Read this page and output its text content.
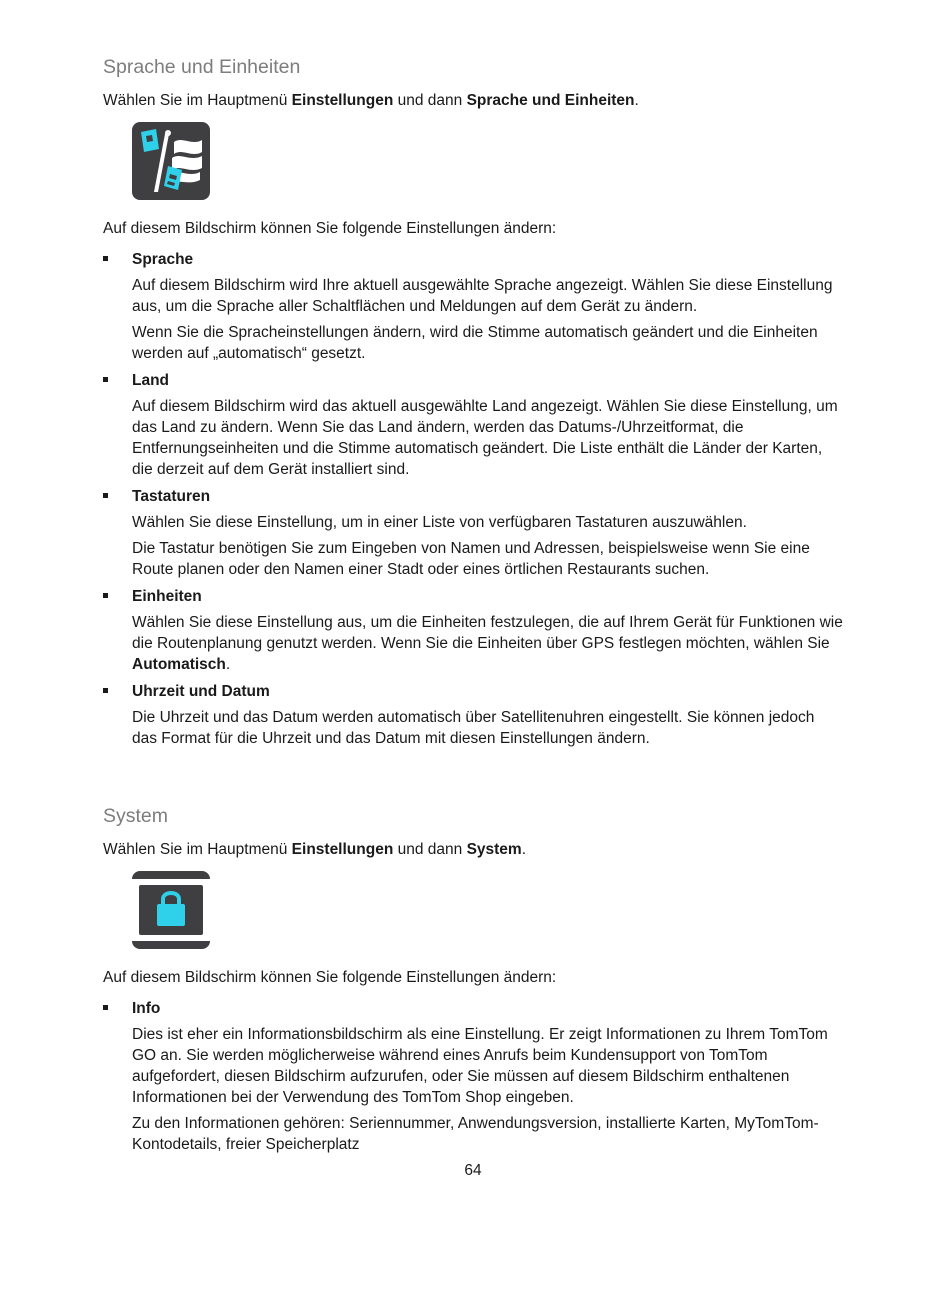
Sprache und Einheiten

Wählen Sie im Hauptmenü Einstellungen und dann Sprache und Einheiten.

Auf diesem Bildschirm können Sie folgende Einstellungen ändern:

Sprache

Auf diesem Bildschirm wird Ihre aktuell ausgewählte Sprache angezeigt. Wählen Sie diese Einstellung aus, um die Sprache aller Schaltflächen und Meldungen auf dem Gerät zu ändern.

Wenn Sie die Spracheinstellungen ändern, wird die Stimme automatisch geändert und die Einheiten werden auf „automatisch“ gesetzt.

Land

Auf diesem Bildschirm wird das aktuell ausgewählte Land angezeigt. Wählen Sie diese Einstellung, um das Land zu ändern. Wenn Sie das Land ändern, werden das Datums-/Uhrzeitformat, die Entfernungseinheiten und die Stimme automatisch geändert. Die Liste enthält die Länder der Karten, die derzeit auf dem Gerät installiert sind.

Tastaturen

Wählen Sie diese Einstellung, um in einer Liste von verfügbaren Tastaturen auszuwählen.

Die Tastatur benötigen Sie zum Eingeben von Namen und Adressen, beispielsweise wenn Sie eine Route planen oder den Namen einer Stadt oder eines örtlichen Restaurants suchen.

Einheiten

Wählen Sie diese Einstellung aus, um die Einheiten festzulegen, die auf Ihrem Gerät für Funktionen wie die Routenplanung genutzt werden. Wenn Sie die Einheiten über GPS festlegen möchten, wählen Sie Automatisch.

Uhrzeit und Datum

Die Uhrzeit und das Datum werden automatisch über Satellitenuhren eingestellt. Sie können jedoch das Format für die Uhrzeit und das Datum mit diesen Einstellungen ändern.

System

Wählen Sie im Hauptmenü Einstellungen und dann System.

Auf diesem Bildschirm können Sie folgende Einstellungen ändern:

Info

Dies ist eher ein Informationsbildschirm als eine Einstellung. Er zeigt Informationen zu Ihrem TomTom GO an. Sie werden möglicherweise während eines Anrufs beim Kundensupport von TomTom aufgefordert, diesen Bildschirm aufzurufen, oder Sie müssen auf diesem Bildschirm enthaltenen Informationen bei der Verwendung des TomTom Shop eingeben.

Zu den Informationen gehören: Seriennummer, Anwendungsversion, installierte Karten, MyTomTom-Kontodetails, freier Speicherplatz

64
